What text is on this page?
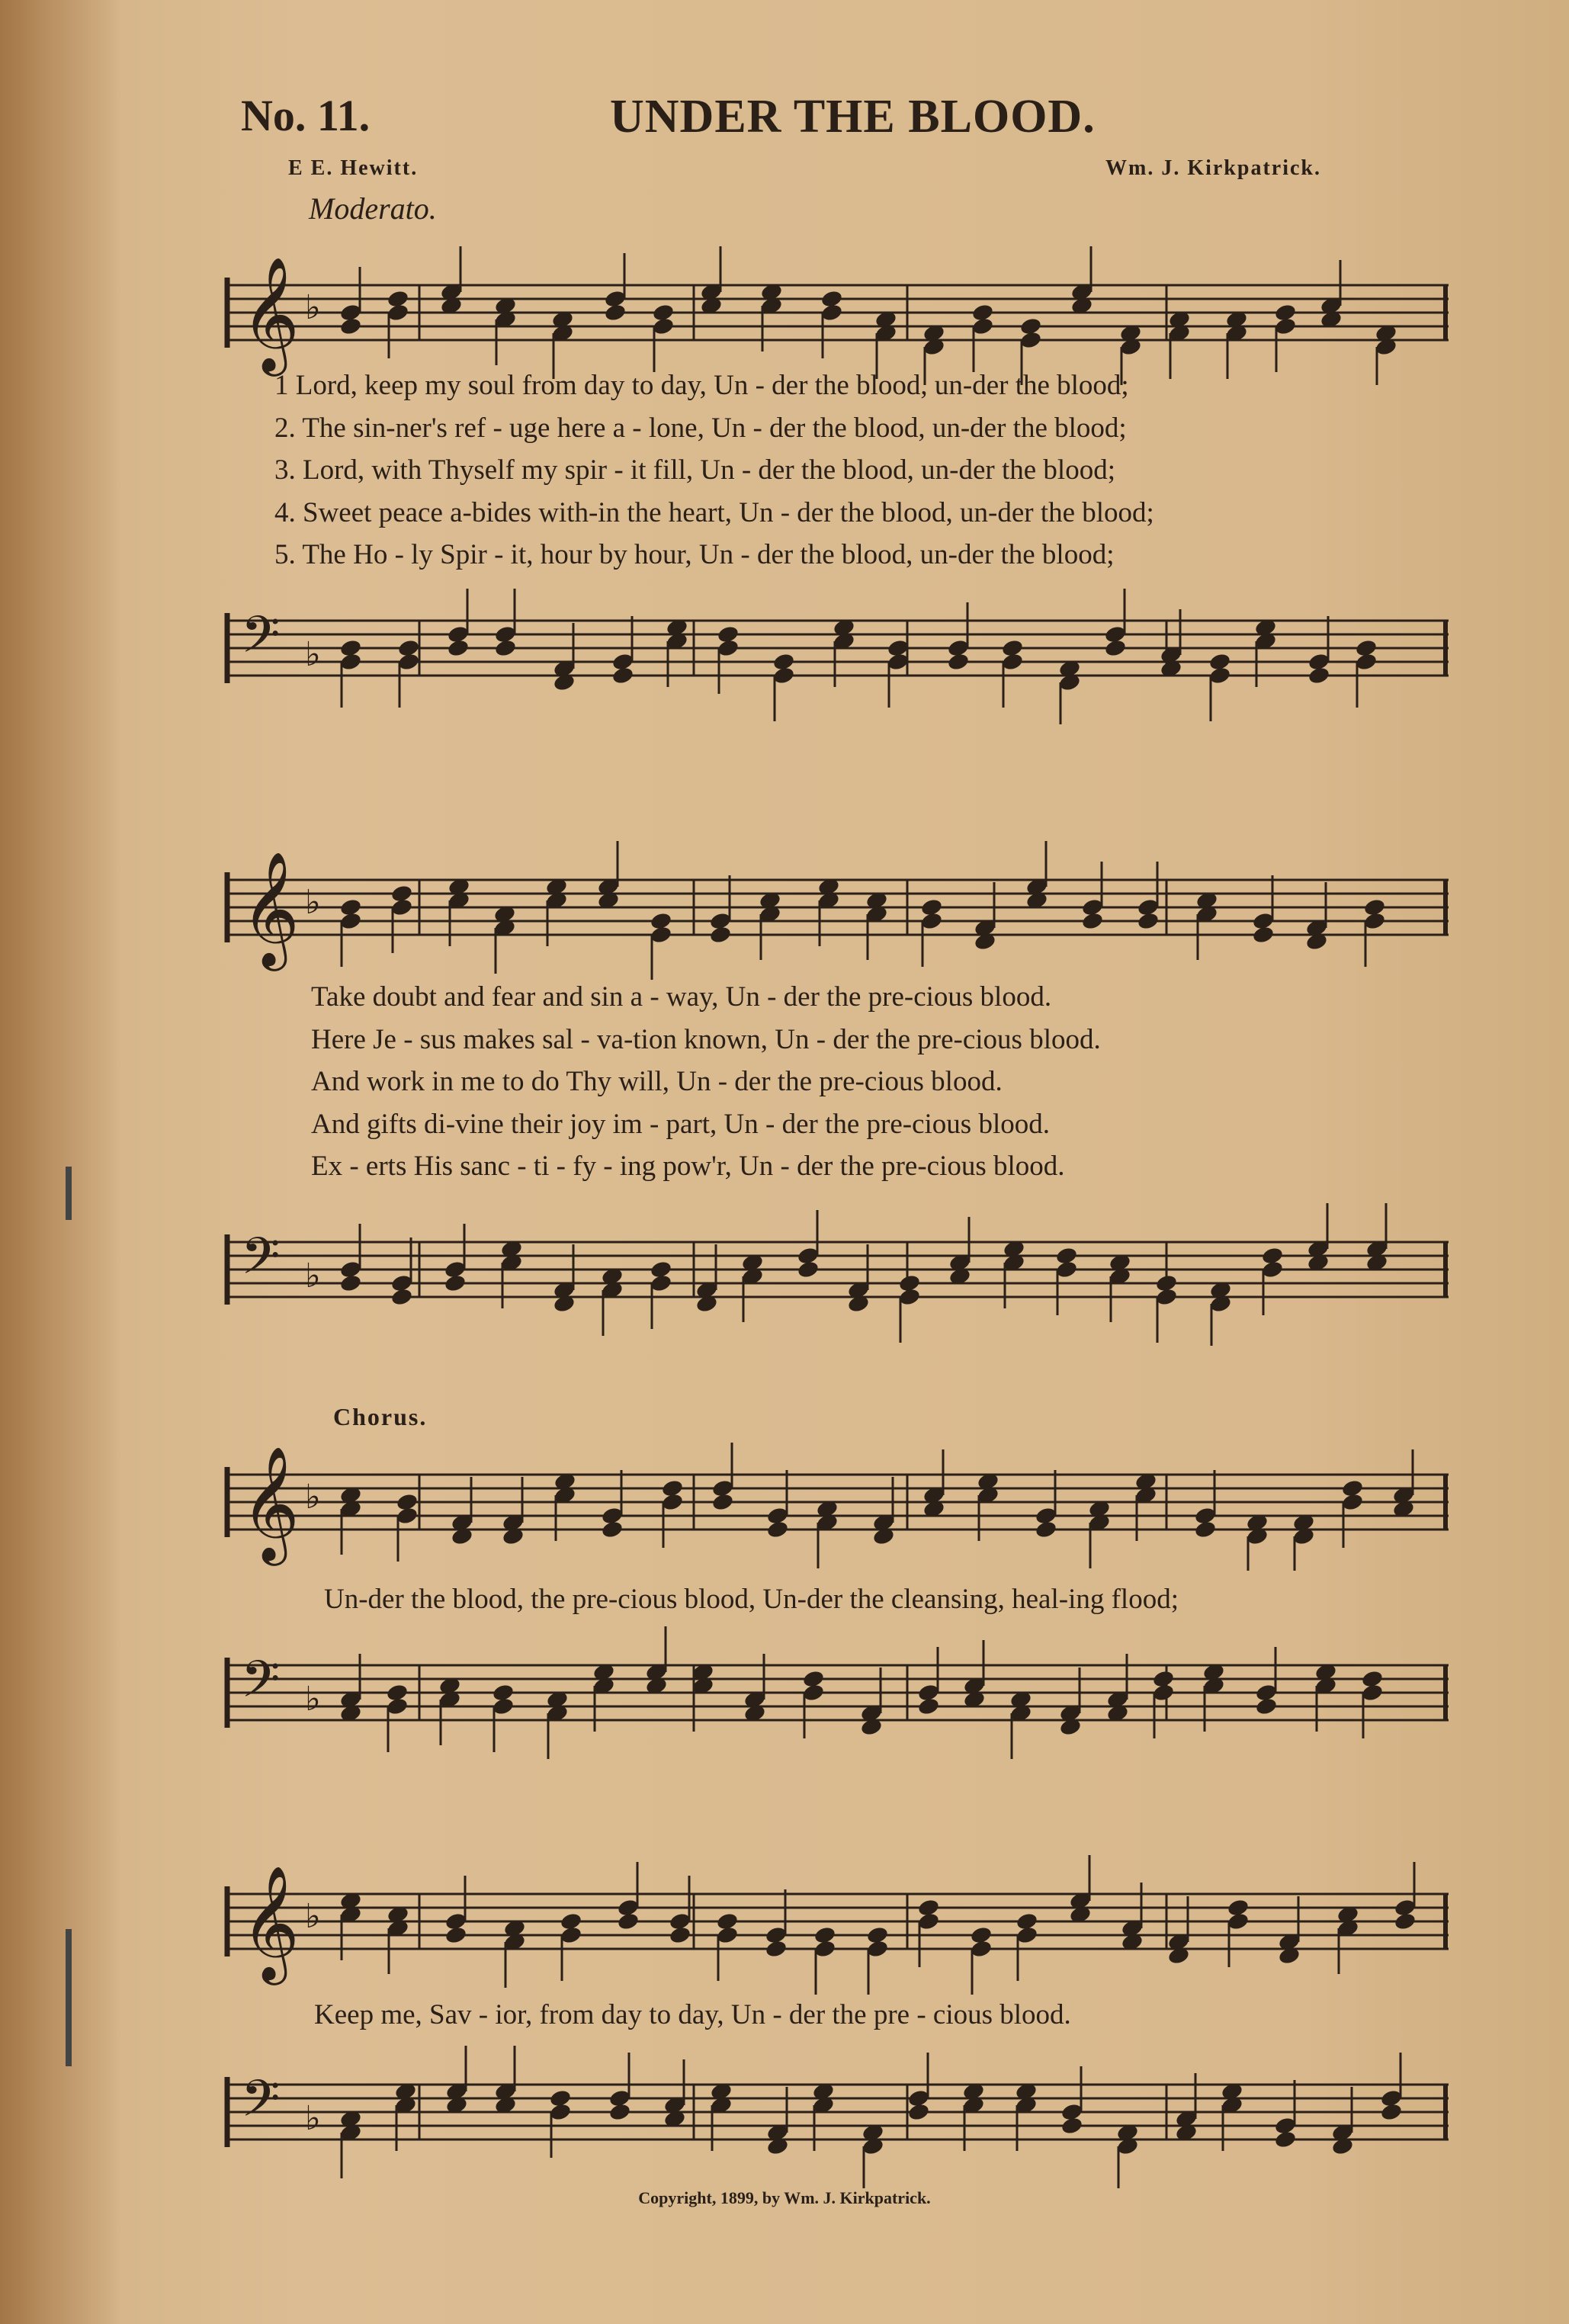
No. 11.	UNDER THE BLOOD.
E E. Hewitt.	Wm. J. Kirkpatrick.
Moderato.
𝄞 ♭
1 Lord, keep my soul from day to day, Un - der the blood, un-der the blood;
2. The sin-ner's ref - uge here a - lone, Un - der the blood, un-der the blood;
3. Lord, with Thyself my spir - it fill, Un - der the blood, un-der the blood;
4. Sweet peace a-bides with-in the heart, Un - der the blood, un-der the blood;
5. The Ho - ly Spir - it, hour by hour, Un - der the blood, un-der the blood;
𝄢 ♭
𝄞 ♭
Take doubt and fear and sin a - way, Un - der the pre-cious blood.
Here Je - sus makes sal - va-tion known, Un - der the pre-cious blood.
And work in me to do Thy will, Un - der the pre-cious blood.
And gifts di-vine their joy im - part, Un - der the pre-cious blood.
Ex - erts His sanc - ti - fy - ing pow'r, Un - der the pre-cious blood.
𝄢 ♭
Chorus.
𝄞 ♭
Un-der the blood, the pre-cious blood, Un-der the cleansing, heal-ing flood;
𝄢 ♭
𝄞 ♭
Keep me, Sav - ior, from day to day, Un - der the pre - cious blood.
𝄢 ♭
Copyright, 1899, by Wm. J. Kirkpatrick.
